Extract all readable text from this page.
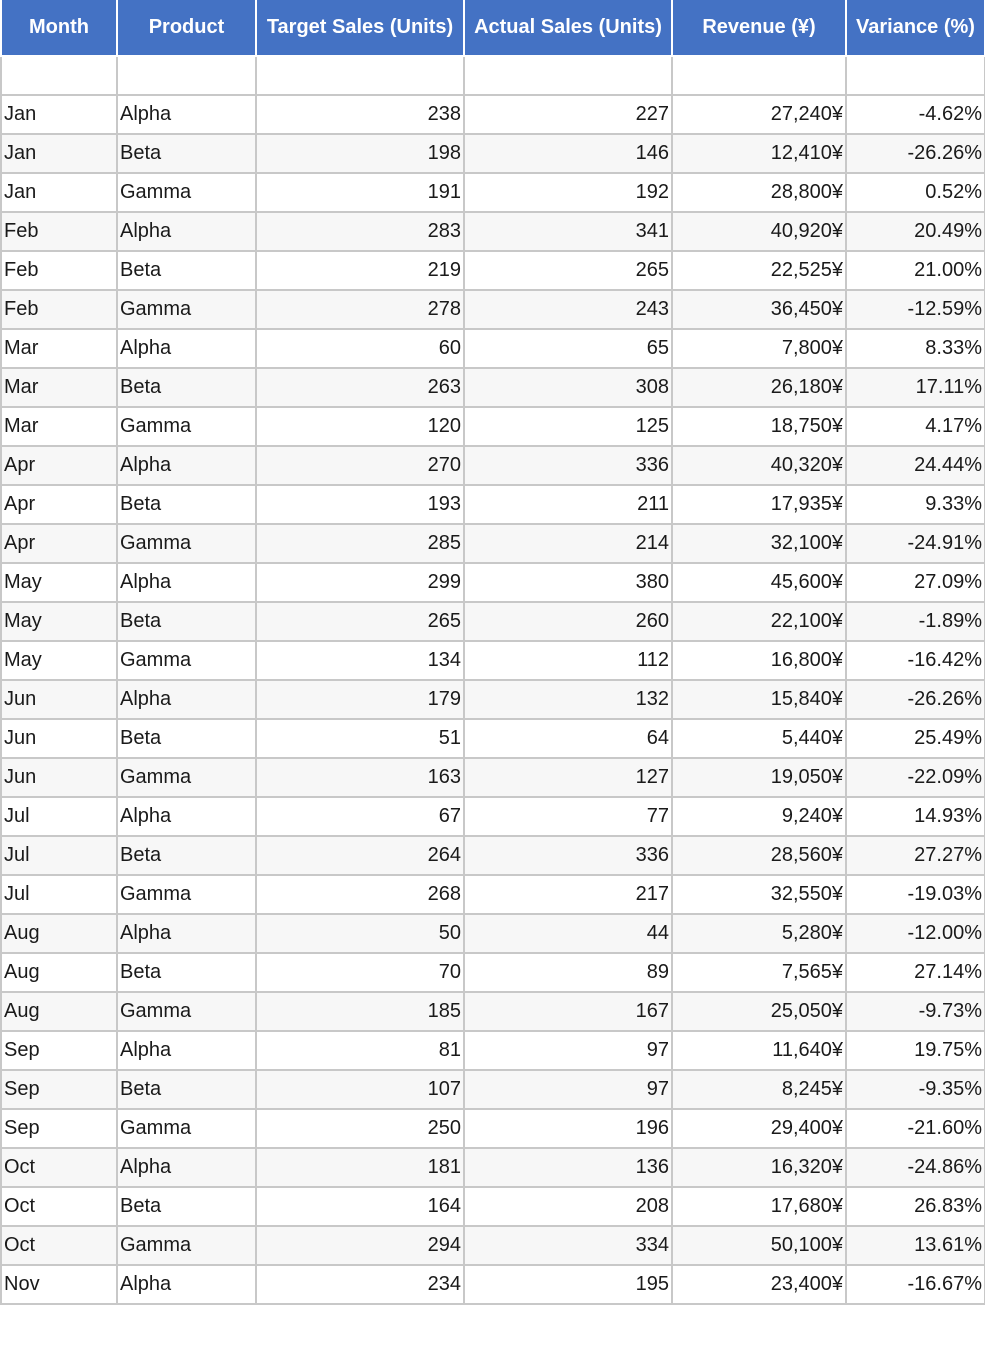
Month	Product	Target Sales (Units)	Actual Sales (Units)	Revenue (¥)	Variance (%)

Jan	Alpha	238	227	27,240¥	-4.62%
Jan	Beta	198	146	12,410¥	-26.26%
Jan	Gamma	191	192	28,800¥	0.52%
Feb	Alpha	283	341	40,920¥	20.49%
Feb	Beta	219	265	22,525¥	21.00%
Feb	Gamma	278	243	36,450¥	-12.59%
Mar	Alpha	60	65	7,800¥	8.33%
Mar	Beta	263	308	26,180¥	17.11%
Mar	Gamma	120	125	18,750¥	4.17%
Apr	Alpha	270	336	40,320¥	24.44%
Apr	Beta	193	211	17,935¥	9.33%
Apr	Gamma	285	214	32,100¥	-24.91%
May	Alpha	299	380	45,600¥	27.09%
May	Beta	265	260	22,100¥	-1.89%
May	Gamma	134	112	16,800¥	-16.42%
Jun	Alpha	179	132	15,840¥	-26.26%
Jun	Beta	51	64	5,440¥	25.49%
Jun	Gamma	163	127	19,050¥	-22.09%
Jul	Alpha	67	77	9,240¥	14.93%
Jul	Beta	264	336	28,560¥	27.27%
Jul	Gamma	268	217	32,550¥	-19.03%
Aug	Alpha	50	44	5,280¥	-12.00%
Aug	Beta	70	89	7,565¥	27.14%
Aug	Gamma	185	167	25,050¥	-9.73%
Sep	Alpha	81	97	11,640¥	19.75%
Sep	Beta	107	97	8,245¥	-9.35%
Sep	Gamma	250	196	29,400¥	-21.60%
Oct	Alpha	181	136	16,320¥	-24.86%
Oct	Beta	164	208	17,680¥	26.83%
Oct	Gamma	294	334	50,100¥	13.61%
Nov	Alpha	234	195	23,400¥	-16.67%
